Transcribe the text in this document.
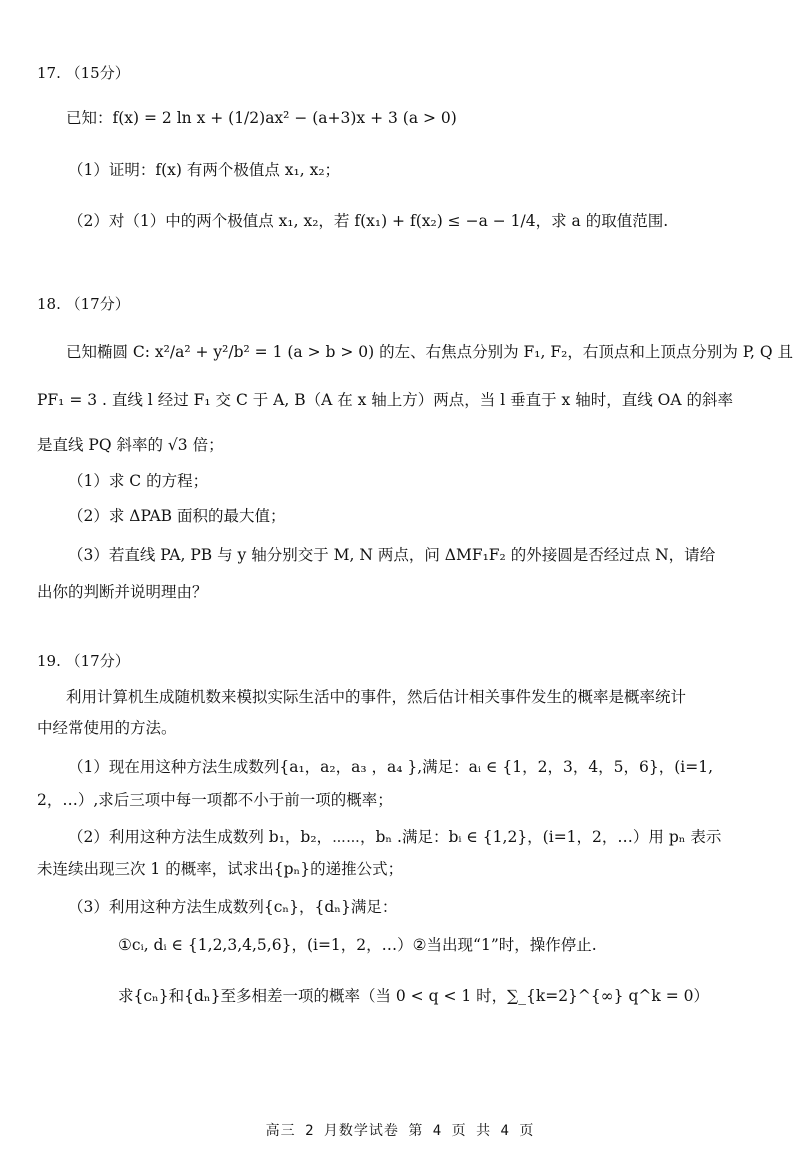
17. （15分）
已知：f(x) = 2 ln x + (1/2)ax² − (a+3)x + 3 (a > 0)
（1）证明：f(x) 有两个极值点 x₁, x₂；
（2）对（1）中的两个极值点 x₁, x₂，若 f(x₁) + f(x₂) ≤ −a − 1/4，求 a 的取值范围.
18. （17分）
已知椭圆 C: x²/a² + y²/b² = 1 (a > b > 0) 的左、右焦点分别为 F₁, F₂，右顶点和上顶点分别为 P, Q 且
PF₁ = 3 . 直线 l 经过 F₁ 交 C 于 A, B（A 在 x 轴上方）两点，当 l 垂直于 x 轴时，直线 OA 的斜率
是直线 PQ 斜率的 √3 倍；
（1）求 C 的方程；
（2）求 ΔPAB 面积的最大值；
（3）若直线 PA, PB 与 y 轴分别交于 M, N 两点，问 ΔMF₁F₂ 的外接圆是否经过点 N，请给
出你的判断并说明理由？
19. （17分）
利用计算机生成随机数来模拟实际生活中的事件，然后估计相关事件发生的概率是概率统计
中经常使用的方法。
（1）现在用这种方法生成数列{a₁，a₂，a₃ ，a₄ },满足：aᵢ ∈ {1，2，3，4，5，6}，(i=1,
2，…）,求后三项中每一项都不小于前一项的概率；
（2）利用这种方法生成数列 b₁，b₂，⋯⋯，bₙ .满足：bᵢ ∈ {1,2}，(i=1，2，…）用 pₙ 表示
未连续出现三次 1 的概率，试求出{pₙ}的递推公式；
（3）利用这种方法生成数列{cₙ}，{dₙ}满足：
①cᵢ, dᵢ ∈ {1,2,3,4,5,6}，(i=1，2，…）②当出现“1”时，操作停止.
求{cₙ}和{dₙ}至多相差一项的概率（当 0 < q < 1 时，∑_{k=2}^{∞} q^k = 0）
高三 2 月数学试卷 第 4 页 共 4 页
